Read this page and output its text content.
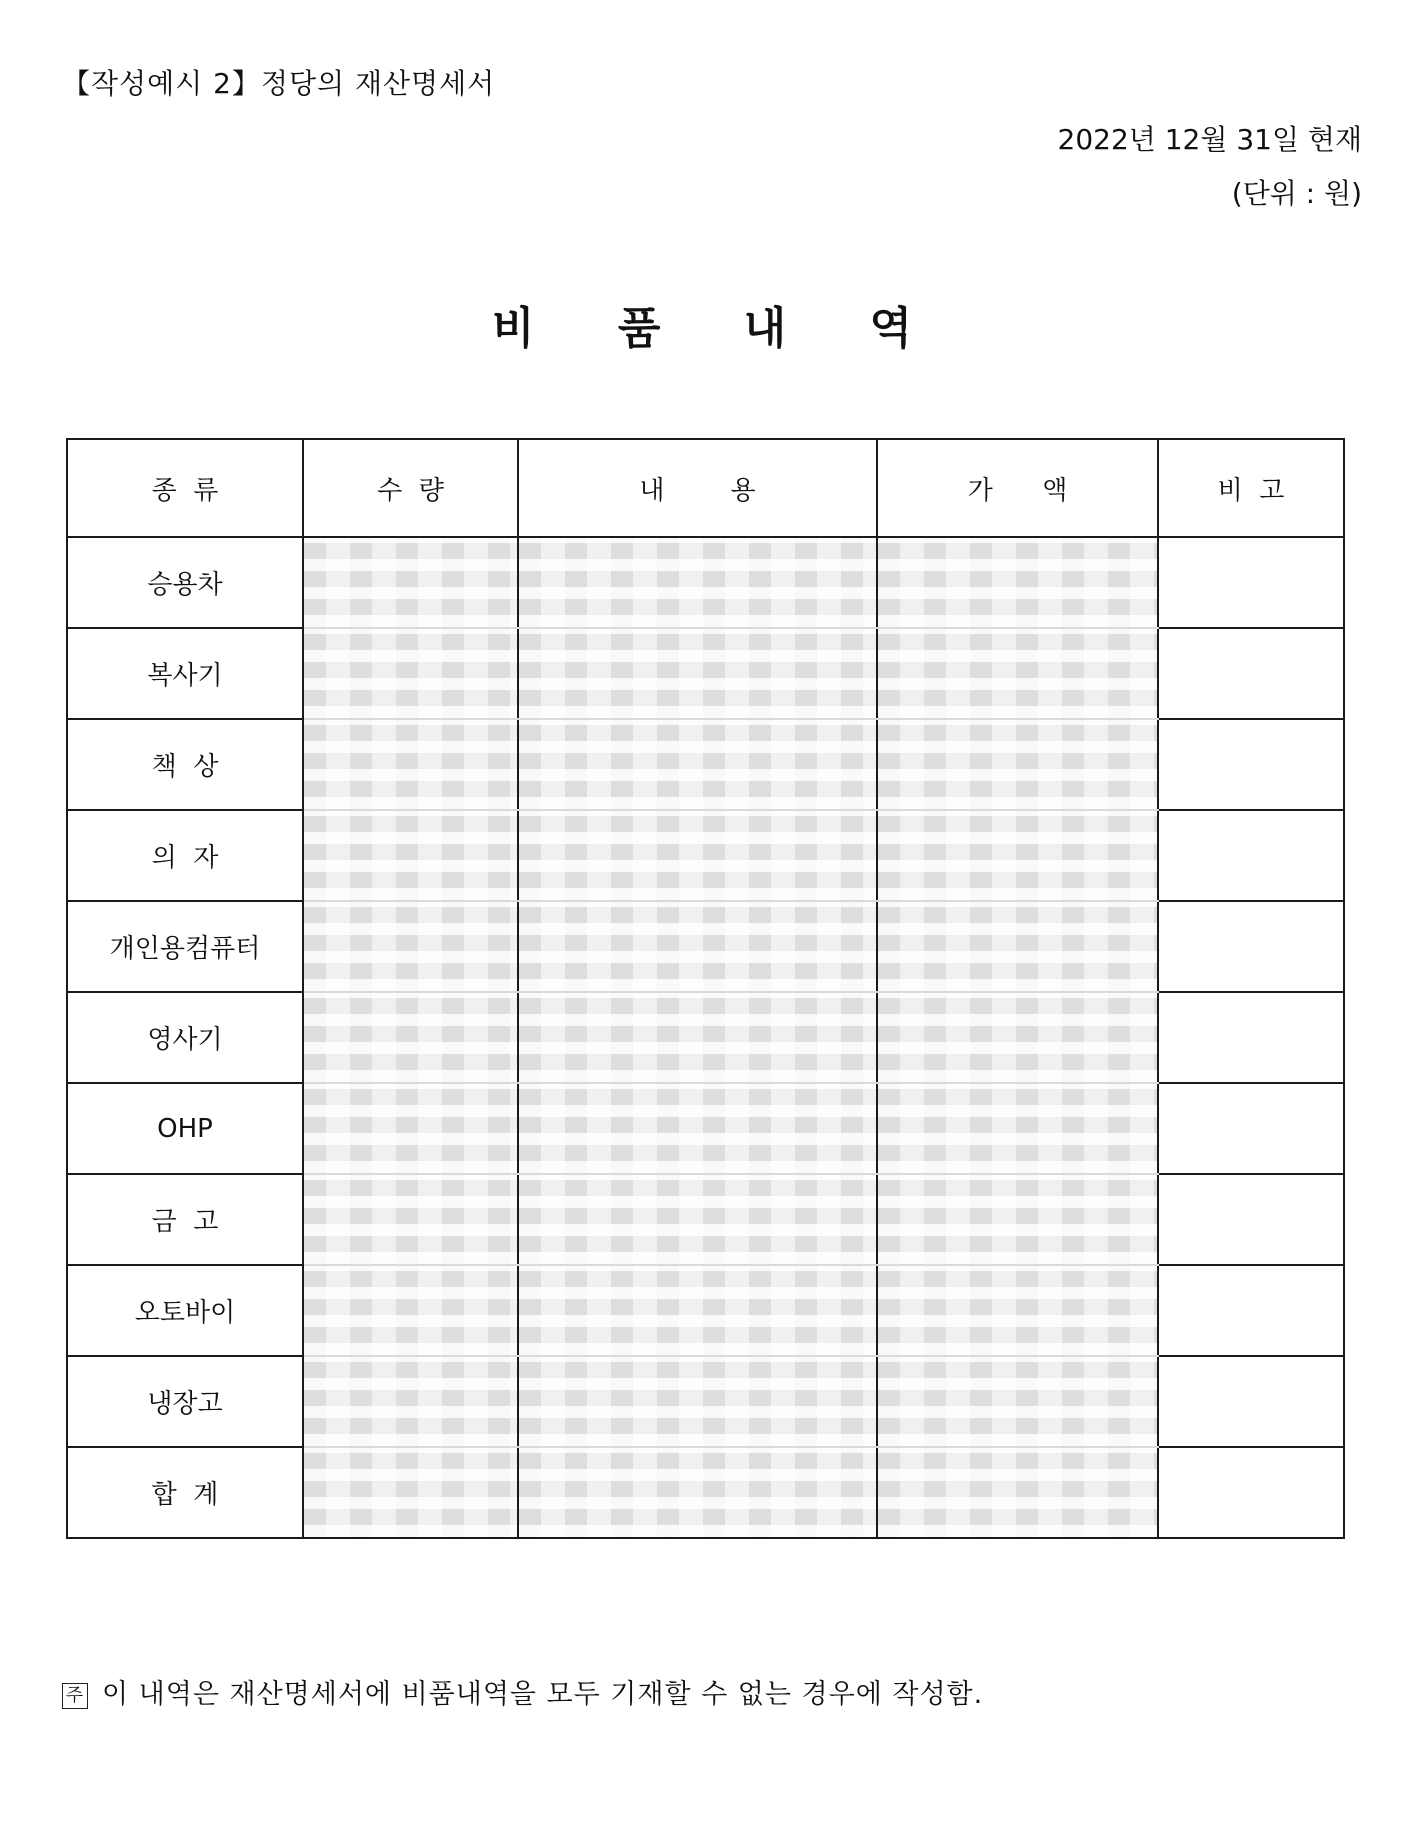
【작성예시 2】정당의 재산명세서
2022년 12월 31일 현재
(단위 : 원)
비 품 내 역
종  류	수  량	내        용	가      액	비  고
승용차				
복사기				
책  상				
의  자				
개인용컴퓨터				
영사기				
OHP				
금  고				
오토바이				
냉장고				
합  계				
주 이 내역은 재산명세서에 비품내역을 모두 기재할 수 없는 경우에 작성함.
